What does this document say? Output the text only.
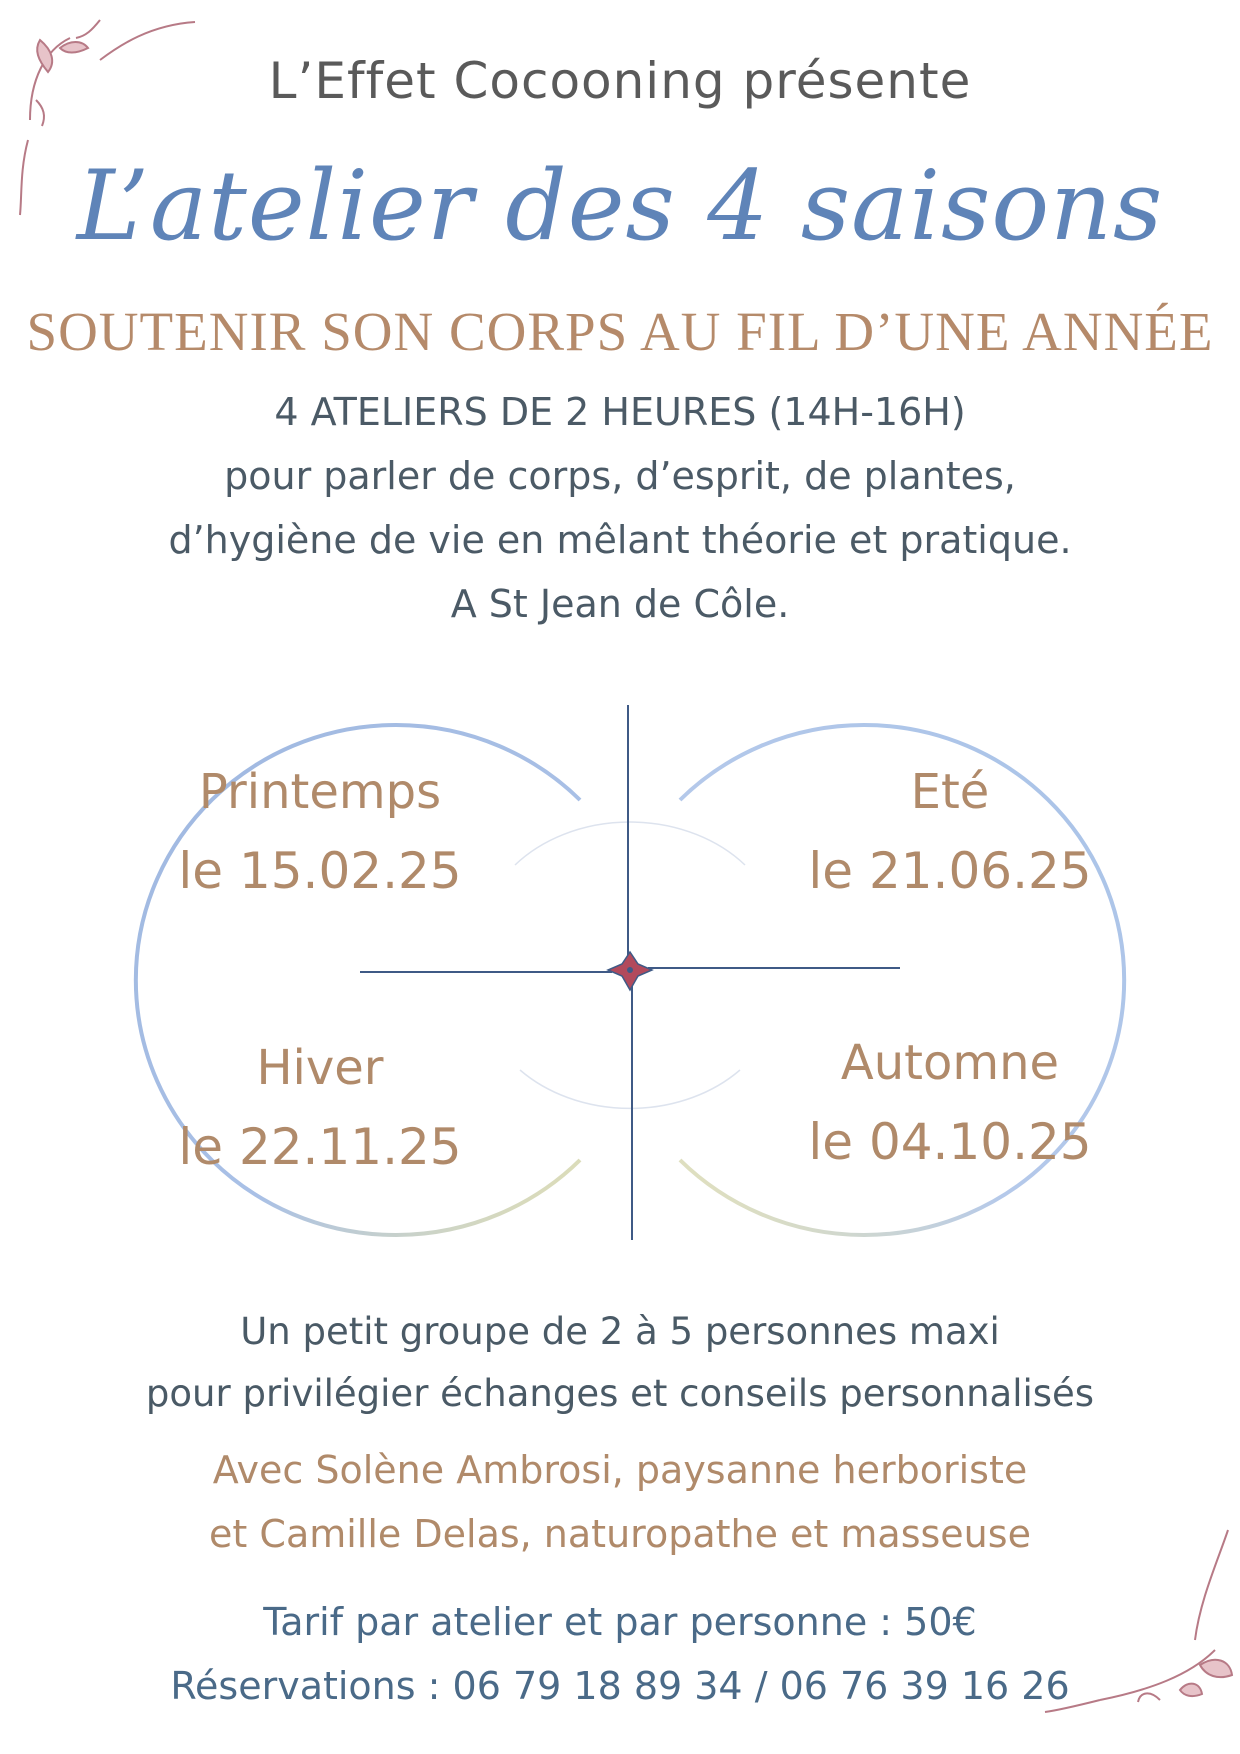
L’Effet Cocooning présente
L’atelier des 4 saisons
SOUTENIR SON CORPS AU FIL D’UNE ANNÉE
4 ATELIERS DE 2 HEURES (14H-16H)
pour parler de corps, d’esprit, de plantes,
d’hygiène de vie en mêlant théorie et pratique.
A St Jean de Côle.
Printemps
le 15.02.25
Eté
le 21.06.25
Hiver
le 22.11.25
Automne
le 04.10.25
Un petit groupe de 2 à 5 personnes maxi
pour privilégier échanges et conseils personnalisés
Avec Solène Ambrosi, paysanne herboriste
et Camille Delas, naturopathe et masseuse
Tarif par atelier et par personne : 50€
Réservations : 06 79 18 89 34 / 06 76 39 16 26
